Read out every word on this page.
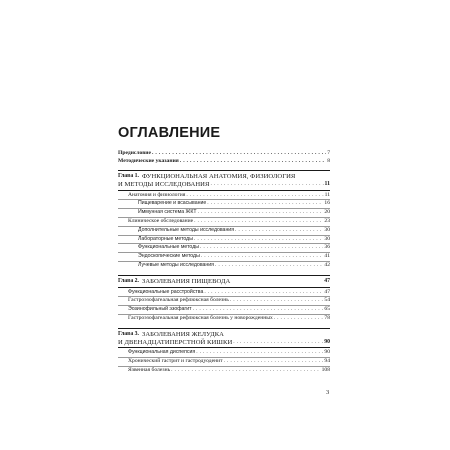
ОГЛАВЛЕНИЕ
Предисловие . . .	7
Методические указания . . .	8
Глава 1. ФУНКЦИОНАЛЬНАЯ АНАТОМИЯ, ФИЗИОЛОГИЯ
И МЕТОДЫ ИССЛЕДОВАНИЯ . . .	11
Анатомия и физиология . . .	11
Пищеварение и всасывание . . .	16
Иммунная система ЖКТ . . .	20
Клиническое обследование . . .	23
Дополнительные методы исследования . . .	30
Лабораторные методы . . .	30
Функциональные методы . . .	36
Эндоскопические методы . . .	41
Лучевые методы исследования . . .	42
Глава 2. ЗАБОЛЕВАНИЯ ПИЩЕВОДА	47
Функциональные расстройства . . .	47
Гастроэзофагеальная рефлюксная болезнь . . .	54
Эозинофильный эзофагит . . .	65
Гастроэзофагеальная рефлюксная болезнь у новорожденных . . .	78
Глава 3. ЗАБОЛЕВАНИЯ ЖЕЛУДКА
И ДВЕНАДЦАТИПЕРСТНОЙ КИШКИ . . .	90
Функциональная диспепсия . . .	90
Хронический гастрит и гастродуоденит . . .	94
Язвенная болезнь . . .	108
3
